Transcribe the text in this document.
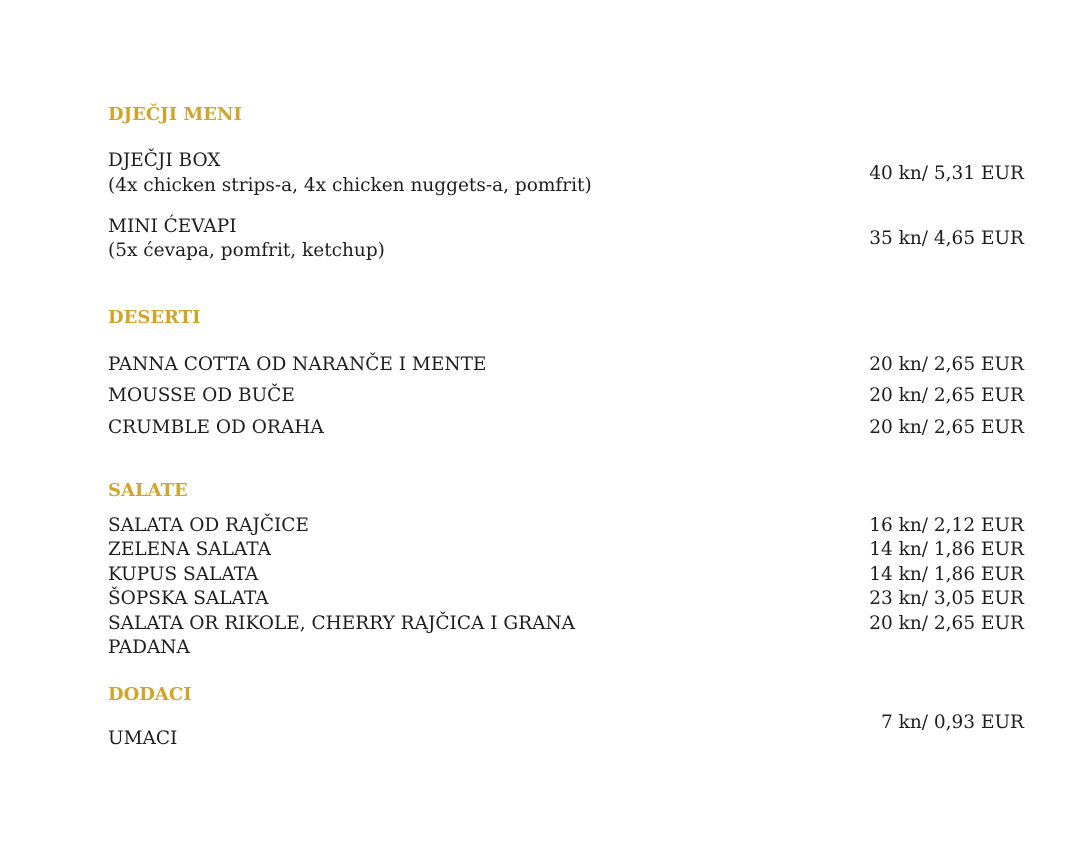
DJEČJI MENI
DJEČJI BOX
(4x chicken strips-a, 4x chicken nuggets-a, pomfrit)
40 kn/ 5,31 EUR
MINI ĆEVAPI
(5x ćevapa, pomfrit, ketchup)
35 kn/ 4,65 EUR
DESERTI
PANNA COTTA OD NARANČE I MENTE	20 kn/ 2,65 EUR
MOUSSE OD BUČE	20 kn/ 2,65 EUR
CRUMBLE OD ORAHA	20 kn/ 2,65 EUR
SALATE
SALATA OD RAJČICE	16 kn/ 2,12 EUR
ZELENA SALATA	14 kn/ 1,86 EUR
KUPUS SALATA	14 kn/ 1,86 EUR
ŠOPSKA SALATA	23 kn/ 3,05 EUR
SALATA OR RIKOLE, CHERRY RAJČICA I GRANA
PADANA
20 kn/ 2,65 EUR
DODACI
UMACI
7 kn/ 0,93 EUR
